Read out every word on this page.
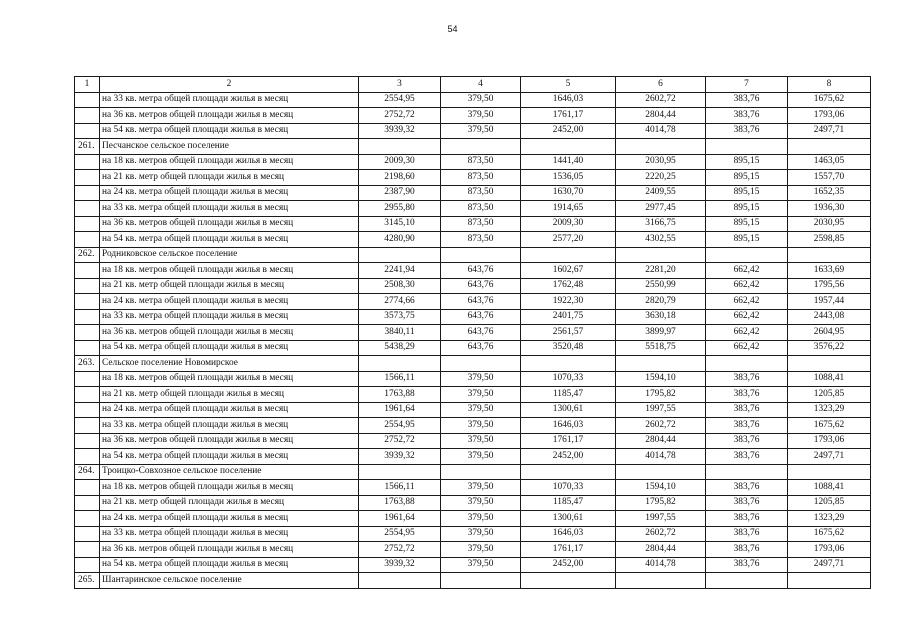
54
1	2	3	4	5	6	7	8
	на 33 кв. метра общей площади жилья в месяц	2554,95	379,50	1646,03	2602,72	383,76	1675,62
	на 36 кв. метров общей площади жилья в месяц	2752,72	379,50	1761,17	2804,44	383,76	1793,06
	на 54 кв. метра общей площади жилья в месяц	3939,32	379,50	2452,00	4014,78	383,76	2497,71
261.	Песчанское сельское поселение						
	на 18 кв. метров общей площади жилья в месяц	2009,30	873,50	1441,40	2030,95	895,15	1463,05
	на 21 кв. метр общей площади жилья в месяц	2198,60	873,50	1536,05	2220,25	895,15	1557,70
	на 24 кв. метра общей площади жилья в месяц	2387,90	873,50	1630,70	2409,55	895,15	1652,35
	на 33 кв. метра общей площади жилья в месяц	2955,80	873,50	1914,65	2977,45	895,15	1936,30
	на 36 кв. метров общей площади жилья в месяц	3145,10	873,50	2009,30	3166,75	895,15	2030,95
	на 54 кв. метра общей площади жилья в месяц	4280,90	873,50	2577,20	4302,55	895,15	2598,85
262.	Родниковское сельское поселение						
	на 18 кв. метров общей площади жилья в месяц	2241,94	643,76	1602,67	2281,20	662,42	1633,69
	на 21 кв. метр общей площади жилья в месяц	2508,30	643,76	1762,48	2550,99	662,42	1795,56
	на 24 кв. метра общей площади жилья в месяц	2774,66	643,76	1922,30	2820,79	662,42	1957,44
	на 33 кв. метра общей площади жилья в месяц	3573,75	643,76	2401,75	3630,18	662,42	2443,08
	на 36 кв. метров общей площади жилья в месяц	3840,11	643,76	2561,57	3899,97	662,42	2604,95
	на 54 кв. метра общей площади жилья в месяц	5438,29	643,76	3520,48	5518,75	662,42	3576,22
263.	Сельское поселение Новомирское						
	на 18 кв. метров общей площади жилья в месяц	1566,11	379,50	1070,33	1594,10	383,76	1088,41
	на 21 кв. метр общей площади жилья в месяц	1763,88	379,50	1185,47	1795,82	383,76	1205,85
	на 24 кв. метра общей площади жилья в месяц	1961,64	379,50	1300,61	1997,55	383,76	1323,29
	на 33 кв. метра общей площади жилья в месяц	2554,95	379,50	1646,03	2602,72	383,76	1675,62
	на 36 кв. метров общей площади жилья в месяц	2752,72	379,50	1761,17	2804,44	383,76	1793,06
	на 54 кв. метра общей площади жилья в месяц	3939,32	379,50	2452,00	4014,78	383,76	2497,71
264.	Троицко-Совхозное сельское поселение						
	на 18 кв. метров общей площади жилья в месяц	1566,11	379,50	1070,33	1594,10	383,76	1088,41
	на 21 кв. метр общей площади жилья в месяц	1763,88	379,50	1185,47	1795,82	383,76	1205,85
	на 24 кв. метра общей площади жилья в месяц	1961,64	379,50	1300,61	1997,55	383,76	1323,29
	на 33 кв. метра общей площади жилья в месяц	2554,95	379,50	1646,03	2602,72	383,76	1675,62
	на 36 кв. метров общей площади жилья в месяц	2752,72	379,50	1761,17	2804,44	383,76	1793,06
	на 54 кв. метра общей площади жилья в месяц	3939,32	379,50	2452,00	4014,78	383,76	2497,71
265.	Шантаринское сельское поселение						
